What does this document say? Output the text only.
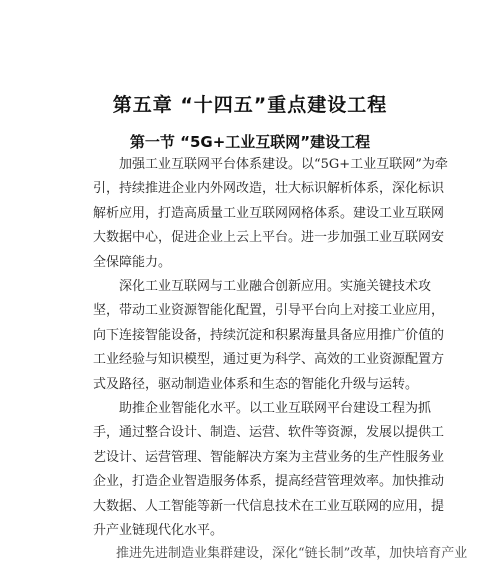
第五章 “十四五”重点建设工程
第一节 “5G+工业互联网”建设工程

加强工业互联网平台体系建设。以“5G+工业互联网”为牵
引，持续推进企业内外网改造，壮大标识解析体系，深化标识
解析应用，打造高质量工业互联网网格体系。建设工业互联网
大数据中心，促进企业上云上平台。进一步加强工业互联网安
全保障能力。

深化工业互联网与工业融合创新应用。实施关键技术攻
坚，带动工业资源智能化配置，引导平台向上对接工业应用，
向下连接智能设备，持续沉淀和积累海量具备应用推广价值的
工业经验与知识模型，通过更为科学、高效的工业资源配置方
式及路径，驱动制造业体系和生态的智能化升级与运转。

助推企业智能化水平。以工业互联网平台建设工程为抓
手，通过整合设计、制造、运营、软件等资源，发展以提供工
艺设计、运营管理、智能解决方案为主营业务的生产性服务业
企业，打造企业智造服务体系，提高经营管理效率。加快推动
大数据、人工智能等新一代信息技术在工业互联网的应用，提
升产业链现代化水平。

推进先进制造业集群建设，深化“链长制”改革，加快培育产业
